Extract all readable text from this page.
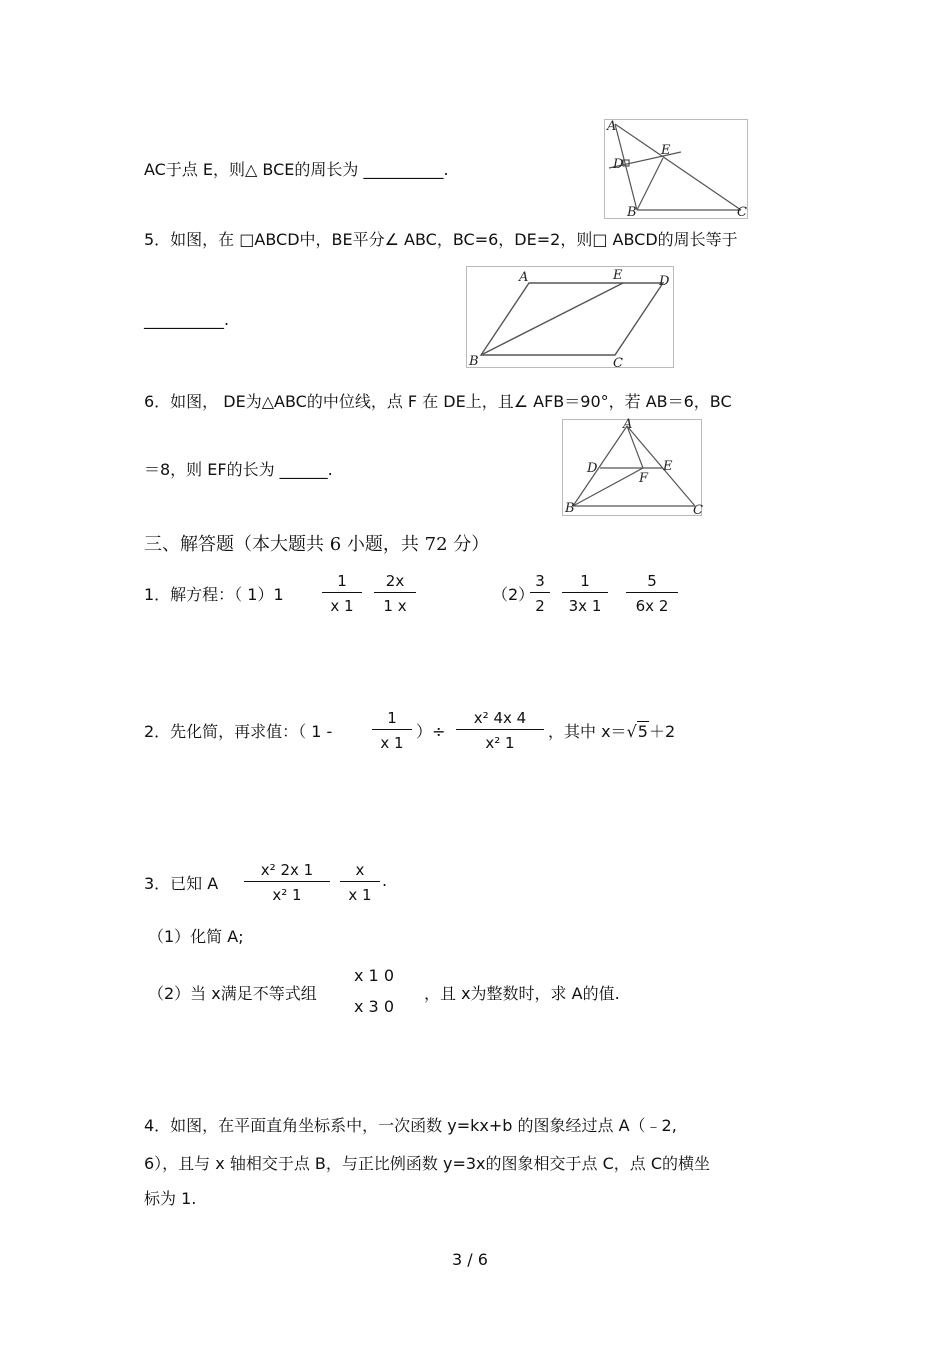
AC于点 E，则△ BCE的周长为 __________.
A
D
E
B	C
5．如图，在 □ABCD中，BE平分∠ ABC，BC=6，DE=2，则□ ABCD的周长等于
A	E	D
B	C
__________.
6．如图， DE为△ABC的中位线，点 F 在 DE上，且∠ AFB＝90°，若 AB＝6，BC
＝8，则 EF的长为 ______.
A
D	E
F
B	C
三、解答题（本大题共 6 小题，共 72 分）
1．解方程：（ 1）1
1
x 1
2x
1 x
（2）
3
2
1
3x 1
5
6x 2
2．先化简，再求值：（ 1 -
1
x 1
）÷
x² 4x 4
x² 1
，其中 x＝√5＋2
3．已知 A
x² 2x 1
x² 1
x
x 1
.
（1）化简 A;
（2）当 x满足不等式组
x 1 0
x 3 0
，且 x为整数时，求 A的值.
4．如图，在平面直角坐标系中，一次函数 y=kx+b 的图象经过点 A（﹣2,
6），且与 x 轴相交于点 B，与正比例函数 y=3x的图象相交于点 C，点 C的横坐
标为 1.
3 / 6
